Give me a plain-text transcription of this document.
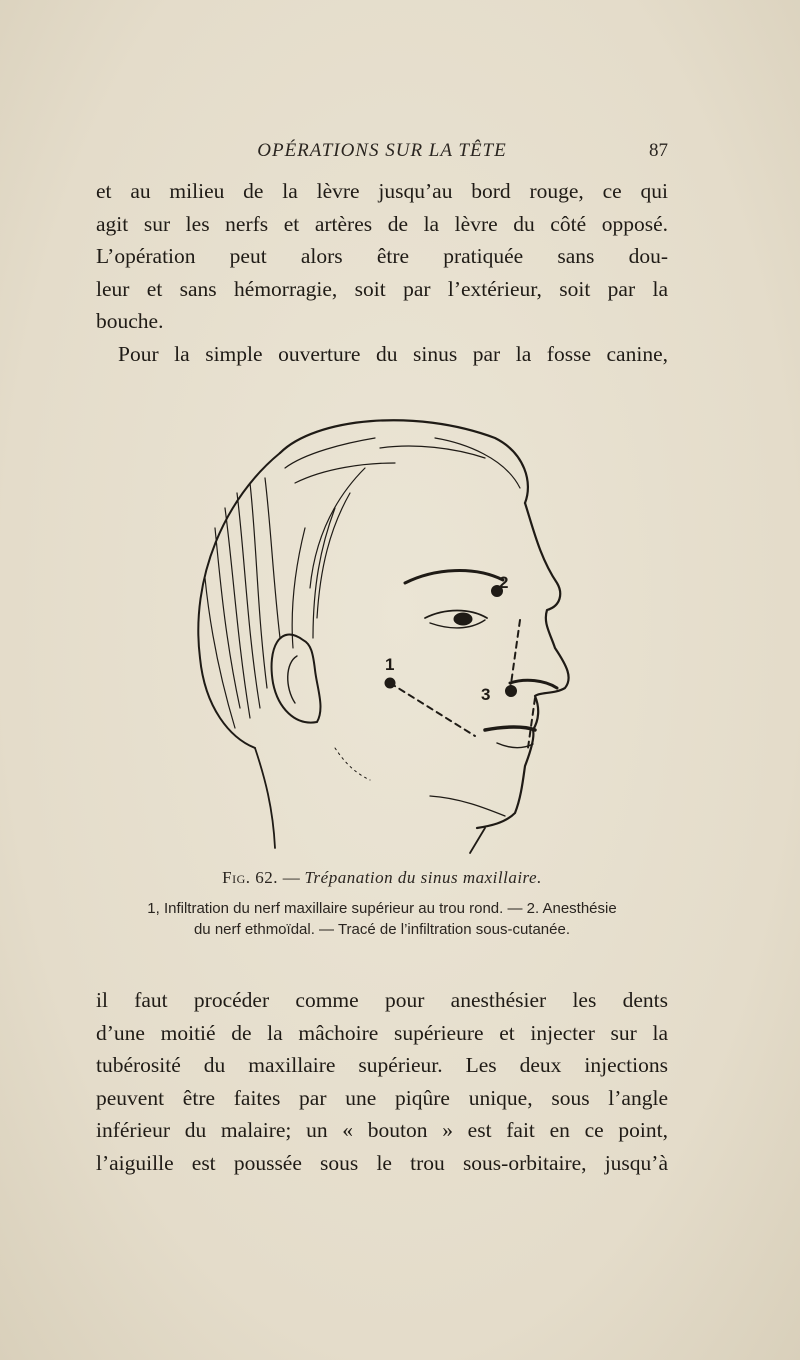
OPÉRATIONS SUR LA TÊTE	87
et au milieu de la lèvre jusqu’au bord rouge, ce qui
agit sur les nerfs et artères de la lèvre du côté opposé.
L’opération peut alors être pratiquée sans dou-
leur et sans hémorragie, soit par l’extérieur, soit par la
bouche.
Pour la simple ouverture du sinus par la fosse canine,
1
2
3
Fig. 62. — Trépanation du sinus maxillaire.
1, Infiltration du nerf maxillaire supérieur au trou rond. — 2. Anesthésie
du nerf ethmoïdal. — Tracé de l’infiltration sous-cutanée.
il faut procéder comme pour anesthésier les dents
d’une moitié de la mâchoire supérieure et injecter sur la
tubérosité du maxillaire supérieur. Les deux injections
peuvent être faites par une piqûre unique, sous l’angle
inférieur du malaire; un « bouton » est fait en ce point,
l’aiguille est poussée sous le trou sous-orbitaire, jusqu’à
